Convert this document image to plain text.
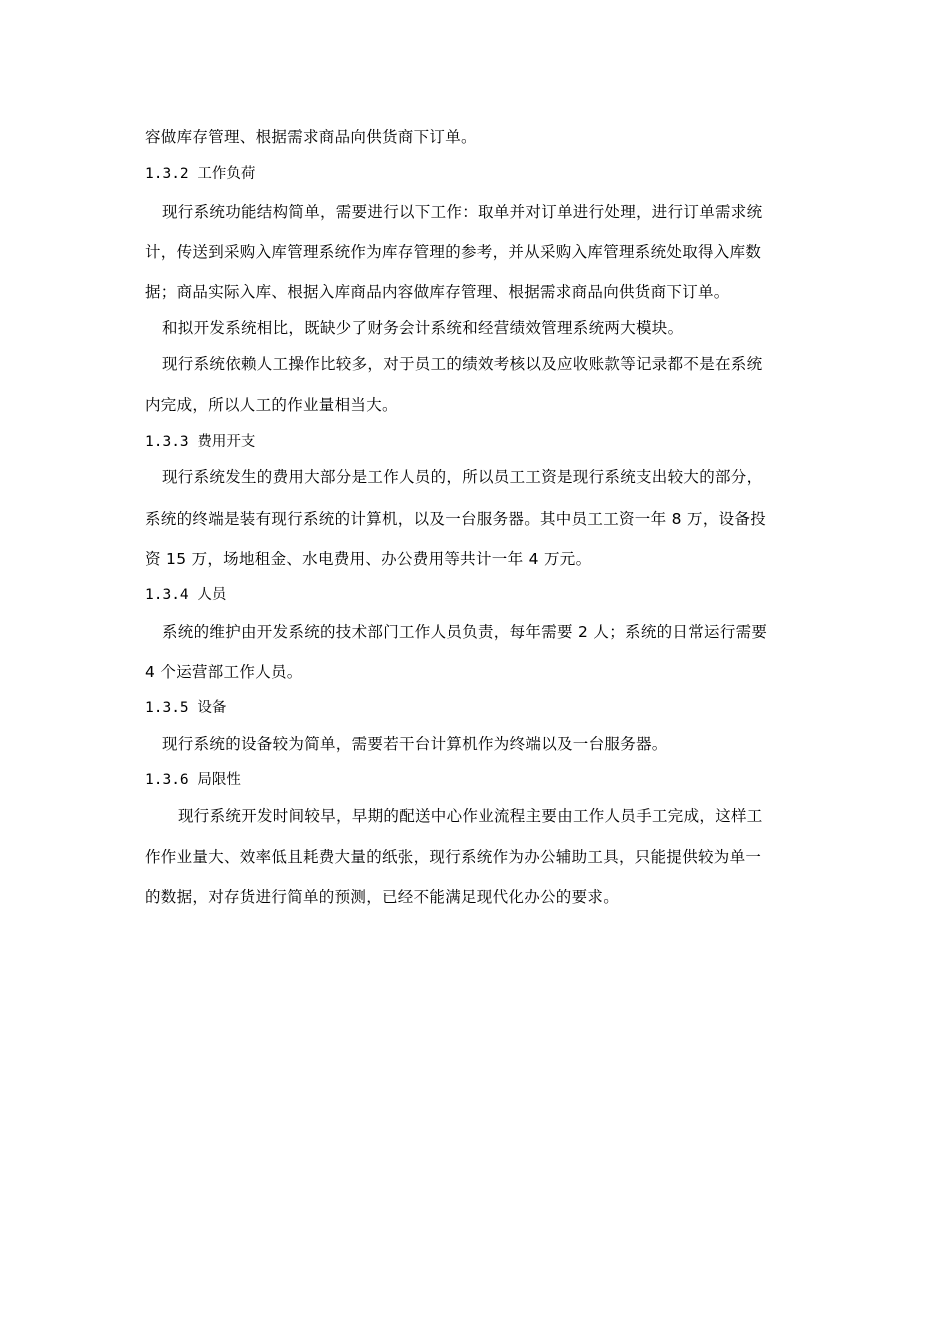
容做库存管理、根据需求商品向供货商下订单。
1.3.2 工作负荷
现行系统功能结构简单，需要进行以下工作：取单并对订单进行处理，进行订单需求统
计，传送到采购入库管理系统作为库存管理的参考，并从采购入库管理系统处取得入库数
据；商品实际入库、根据入库商品内容做库存管理、根据需求商品向供货商下订单。
和拟开发系统相比，既缺少了财务会计系统和经营绩效管理系统两大模块。
现行系统依赖人工操作比较多，对于员工的绩效考核以及应收账款等记录都不是在系统
内完成，所以人工的作业量相当大。
1.3.3 费用开支
现行系统发生的费用大部分是工作人员的，所以员工工资是现行系统支出较大的部分，
系统的终端是装有现行系统的计算机，以及一台服务器。其中员工工资一年 8 万，设备投
资 15 万，场地租金、水电费用、办公费用等共计一年 4 万元。
1.3.4 人员
系统的维护由开发系统的技术部门工作人员负责，每年需要 2 人；系统的日常运行需要
4 个运营部工作人员。
1.3.5 设备
现行系统的设备较为简单，需要若干台计算机作为终端以及一台服务器。
1.3.6 局限性
现行系统开发时间较早，早期的配送中心作业流程主要由工作人员手工完成，这样工
作作业量大、效率低且耗费大量的纸张，现行系统作为办公辅助工具，只能提供较为单一
的数据，对存货进行简单的预测，已经不能满足现代化办公的要求。
